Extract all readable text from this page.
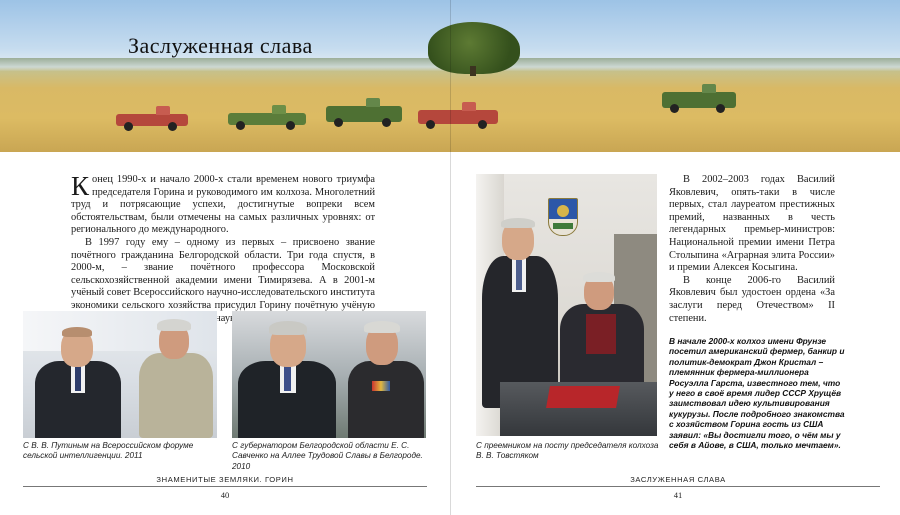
Заслуженная слава

Конец 1990-х и начало 2000-х стали временем нового триумфа председателя Горина и руководимого им колхоза. Многолетний труд и потрясающие успехи, достигнутые вопреки всем обстоятельствам, были отмечены на самых различных уровнях: от регионального до международного.

В 1997 году ему – одному из первых – присвоено звание почётного гражданина Белгородской области. Три года спустя, в 2000-м, – звание почётного профессора Московской сельскохозяйственной академии имени Тимирязева. А в 2001-м учёный совет Всероссийского научно-исследовательского института экономики сельского хозяйства присудил Горину почётную учёную наук.

С В. В. Путиным на Всероссийском форуме сельской интеллигенции. 2011
С губернатором Белгородской области Е. С. Савченко на Аллее Трудовой Славы в Белгороде. 2010

В 2002–2003 годах Василий Яковлевич, опять-таки в числе первых, стал лауреатом престижных премий, названных в честь легендарных премьер-министров: Национальной премии имени Петра Столыпина «Аграрная элита России» и премии Алексея Косыгина.

В конце 2006-го Василий Яковлевич был удостоен ордена «За заслуги перед Отечеством» II степени.

С преемником на посту председателя колхоза В. В. Товстяком
В начале 2000-х колхоз имени Фрунзе посетил американский фермер, банкир и политик-демократ Джон Кристал – племянник фермера-миллионера Росуэлла Гарста, известного тем, что у него в своё время лидер СССР Хрущёв заимствовал идею культивирования кукурузы. После подробного знакомства с хозяйством Горина гость из США заявил: «Вы достигли того, о чём мы у себя в Айове, в США, только мечтаем».
ЗНАМЕНИТЫЕ ЗЕМЛЯКИ. ГОРИН
40
ЗАСЛУЖЕННАЯ СЛАВА
41
